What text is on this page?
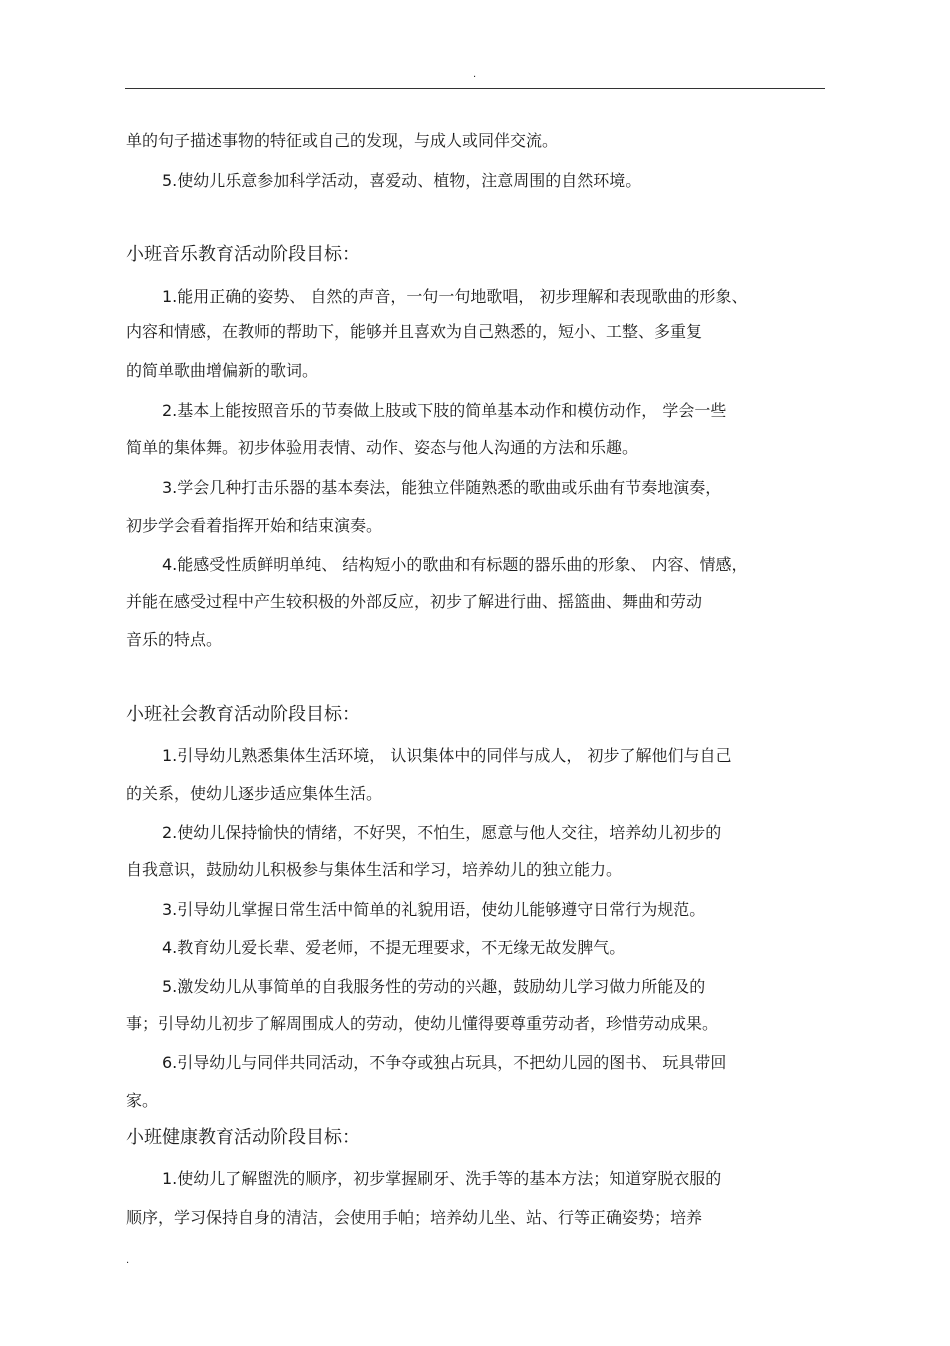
.
单的句子描述事物的特征或自己的发现，与成人或同伴交流。
5.使幼儿乐意参加科学活动，喜爱动、植物，注意周围的自然环境。
小班音乐教育活动阶段目标：
1.能用正确的姿势、 自然的声音，一句一句地歌唱， 初步理解和表现歌曲的形象、
内容和情感，在教师的帮助下，能够并且喜欢为自己熟悉的，短小、工整、多重复
的简单歌曲增偏新的歌词。
2.基本上能按照音乐的节奏做上肢或下肢的简单基本动作和模仿动作， 学会一些
简单的集体舞。初步体验用表情、动作、姿态与他人沟通的方法和乐趣。
3.学会几种打击乐器的基本奏法，能独立伴随熟悉的歌曲或乐曲有节奏地演奏，
初步学会看着指挥开始和结束演奏。
4.能感受性质鲜明单纯、 结构短小的歌曲和有标题的器乐曲的形象、 内容、情感，
并能在感受过程中产生较积极的外部反应，初步了解进行曲、摇篮曲、舞曲和劳动
音乐的特点。
小班社会教育活动阶段目标：
1.引导幼儿熟悉集体生活环境， 认识集体中的同伴与成人， 初步了解他们与自己
的关系，使幼儿逐步适应集体生活。
2.使幼儿保持愉快的情绪，不好哭，不怕生，愿意与他人交往，培养幼儿初步的
自我意识，鼓励幼儿积极参与集体生活和学习，培养幼儿的独立能力。
3.引导幼儿掌握日常生活中简单的礼貌用语，使幼儿能够遵守日常行为规范。
4.教育幼儿爱长辈、爱老师，不提无理要求，不无缘无故发脾气。
5.激发幼儿从事简单的自我服务性的劳动的兴趣，鼓励幼儿学习做力所能及的
事；引导幼儿初步了解周围成人的劳动，使幼儿懂得要尊重劳动者，珍惜劳动成果。
6.引导幼儿与同伴共同活动，不争夺或独占玩具，不把幼儿园的图书、 玩具带回
家。
小班健康教育活动阶段目标：
1.使幼儿了解盥洗的顺序，初步掌握刷牙、洗手等的基本方法；知道穿脱衣服的
顺序，学习保持自身的清洁，会使用手帕；培养幼儿坐、站、行等正确姿势；培养
.
